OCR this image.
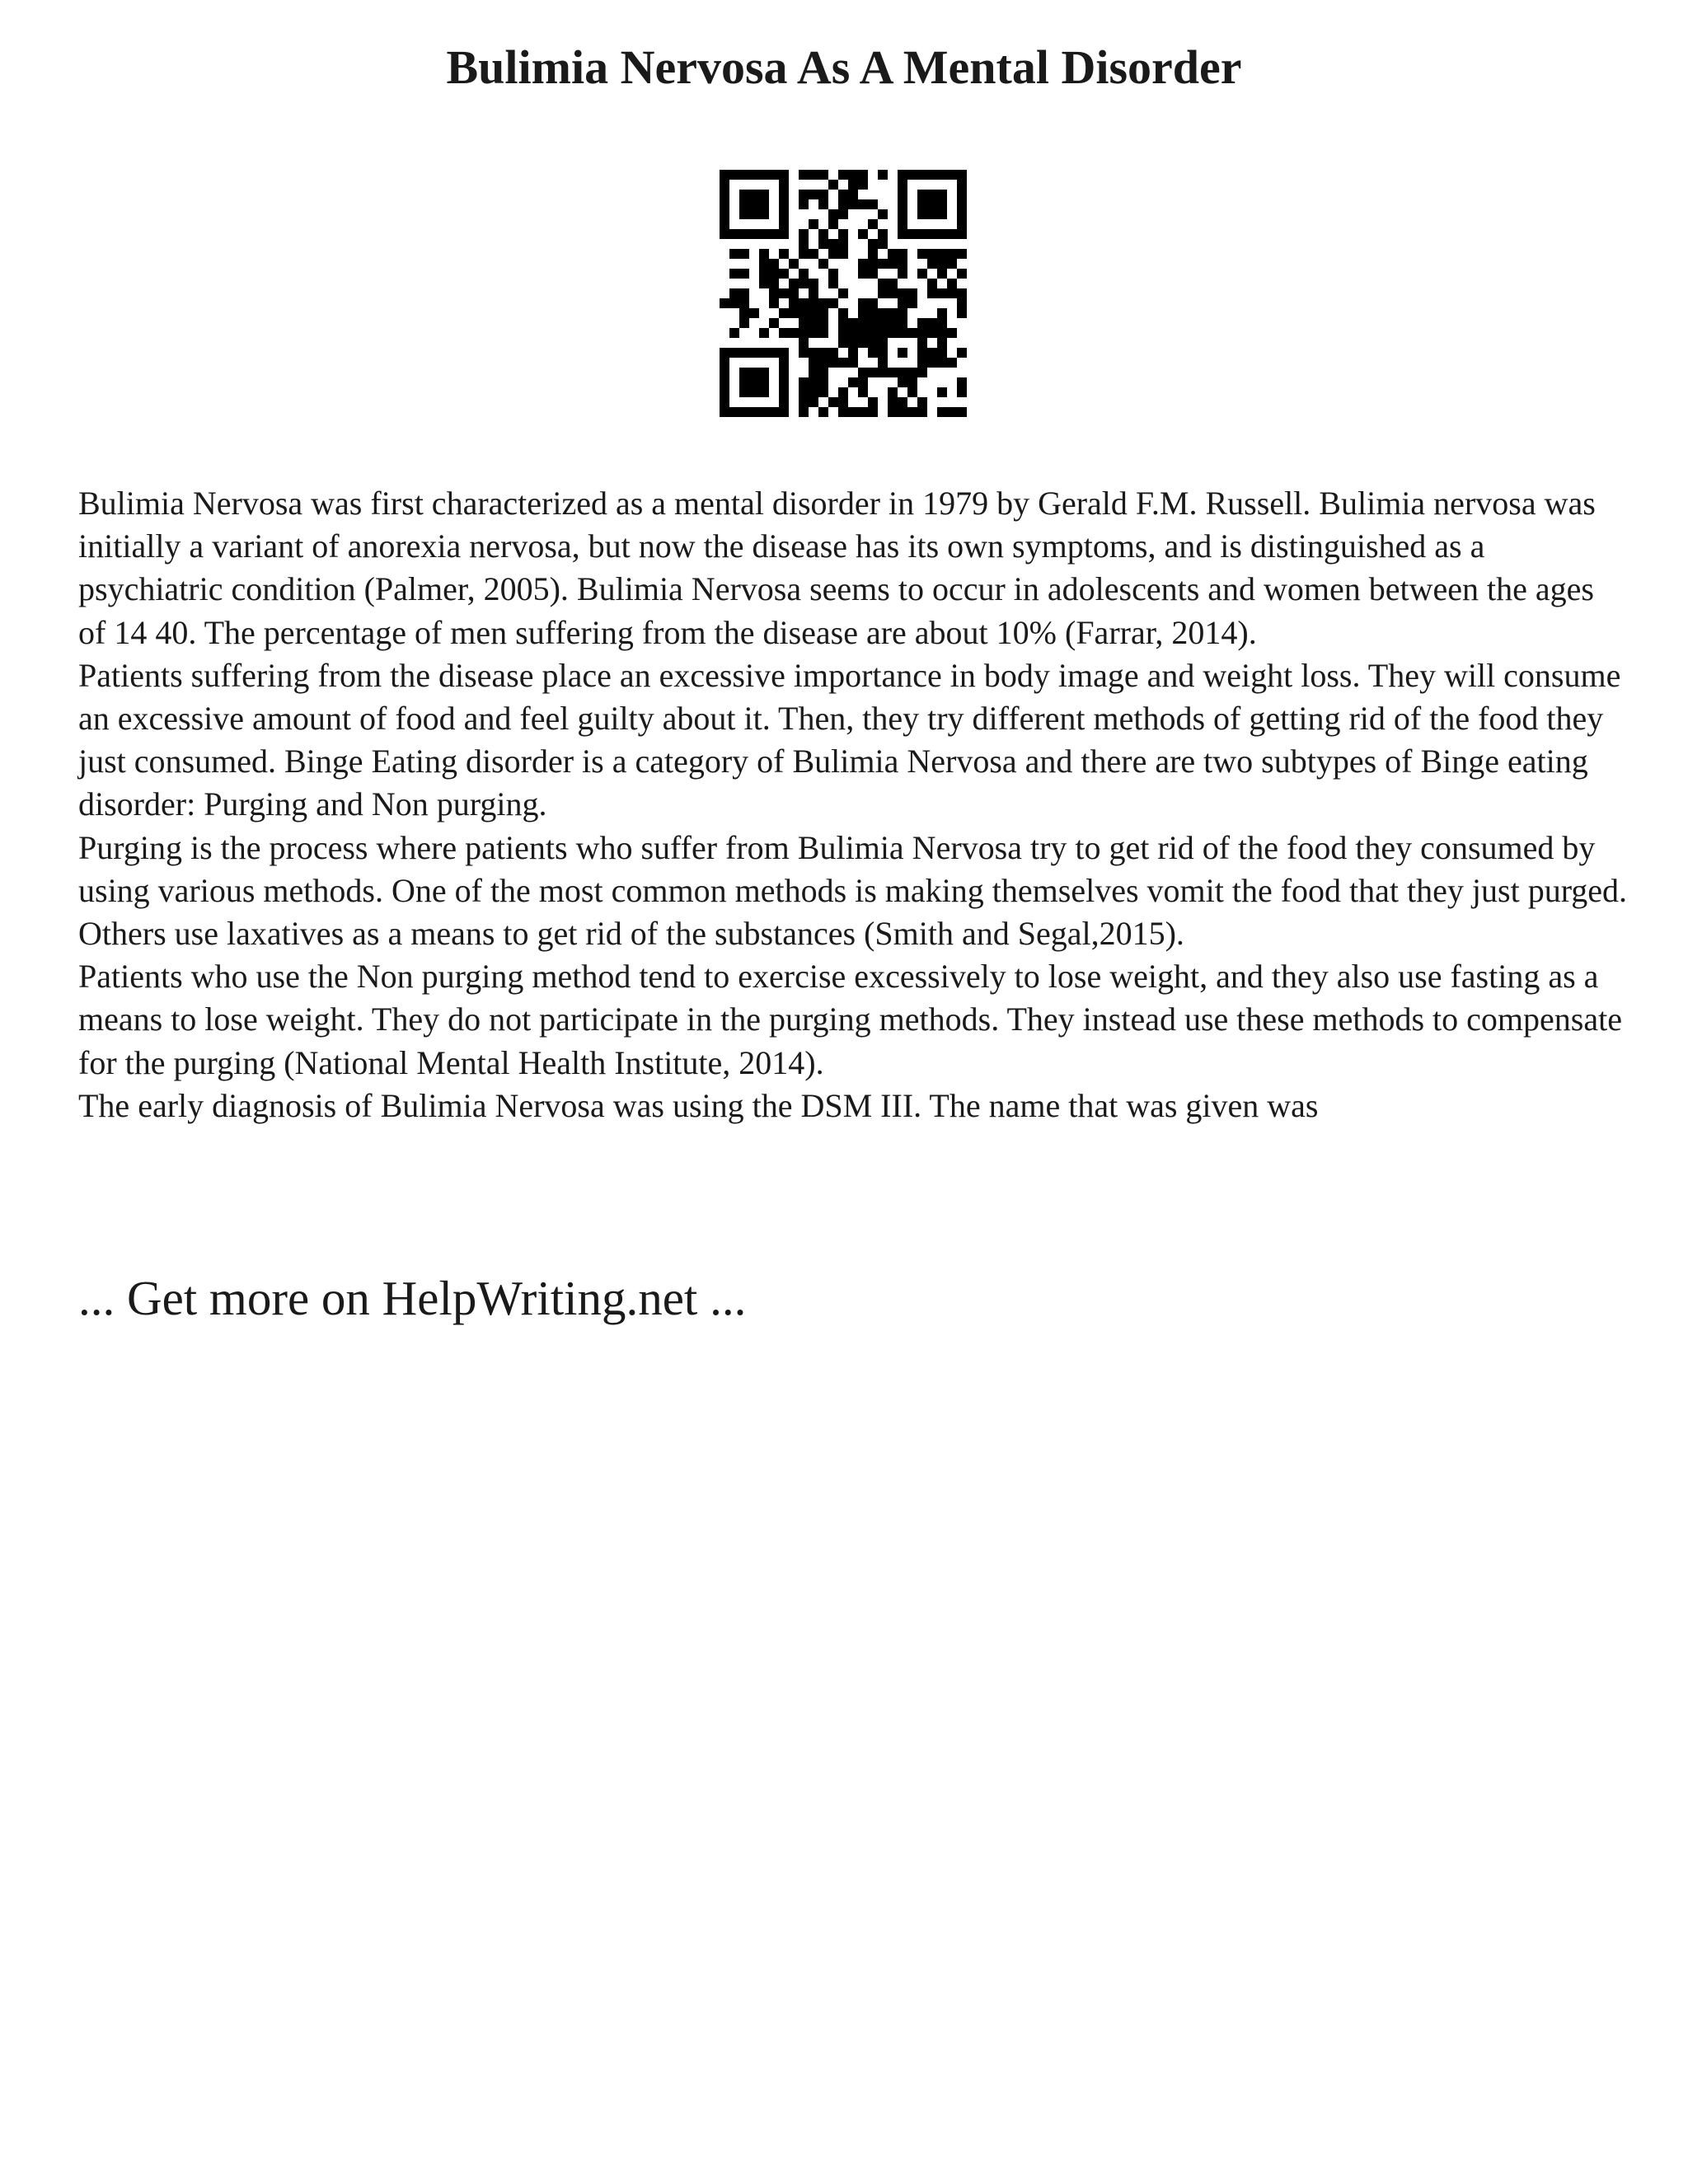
Bulimia Nervosa As A Mental Disorder

Bulimia Nervosa was first characterized as a mental disorder in 1979 by Gerald F.M. Russell. Bulimia nervosa was initially a variant of anorexia nervosa, but now the disease has its own symptoms, and is distinguished as a psychiatric condition (Palmer, 2005). Bulimia Nervosa seems to occur in adolescents and women between the ages of 14 40. The percentage of men suffering from the disease are about 10% (Farrar, 2014).

Patients suffering from the disease place an excessive importance in body image and weight loss. They will consume an excessive amount of food and feel guilty about it. Then, they try different methods of getting rid of the food they just consumed. Binge Eating disorder is a category of Bulimia Nervosa and there are two subtypes of Binge eating disorder: Purging and Non purging.

Purging is the process where patients who suffer from Bulimia Nervosa try to get rid of the food they consumed by using various methods. One of the most common methods is making themselves vomit the food that they just purged. Others use laxatives as a means to get rid of the substances (Smith and Segal,2015).

Patients who use the Non purging method tend to exercise excessively to lose weight, and they also use fasting as a means to lose weight. They do not participate in the purging methods. They instead use these methods to compensate for the purging (National Mental Health Institute, 2014).

The early diagnosis of Bulimia Nervosa was using the DSM III. The name that was given was

... Get more on HelpWriting.net ...
